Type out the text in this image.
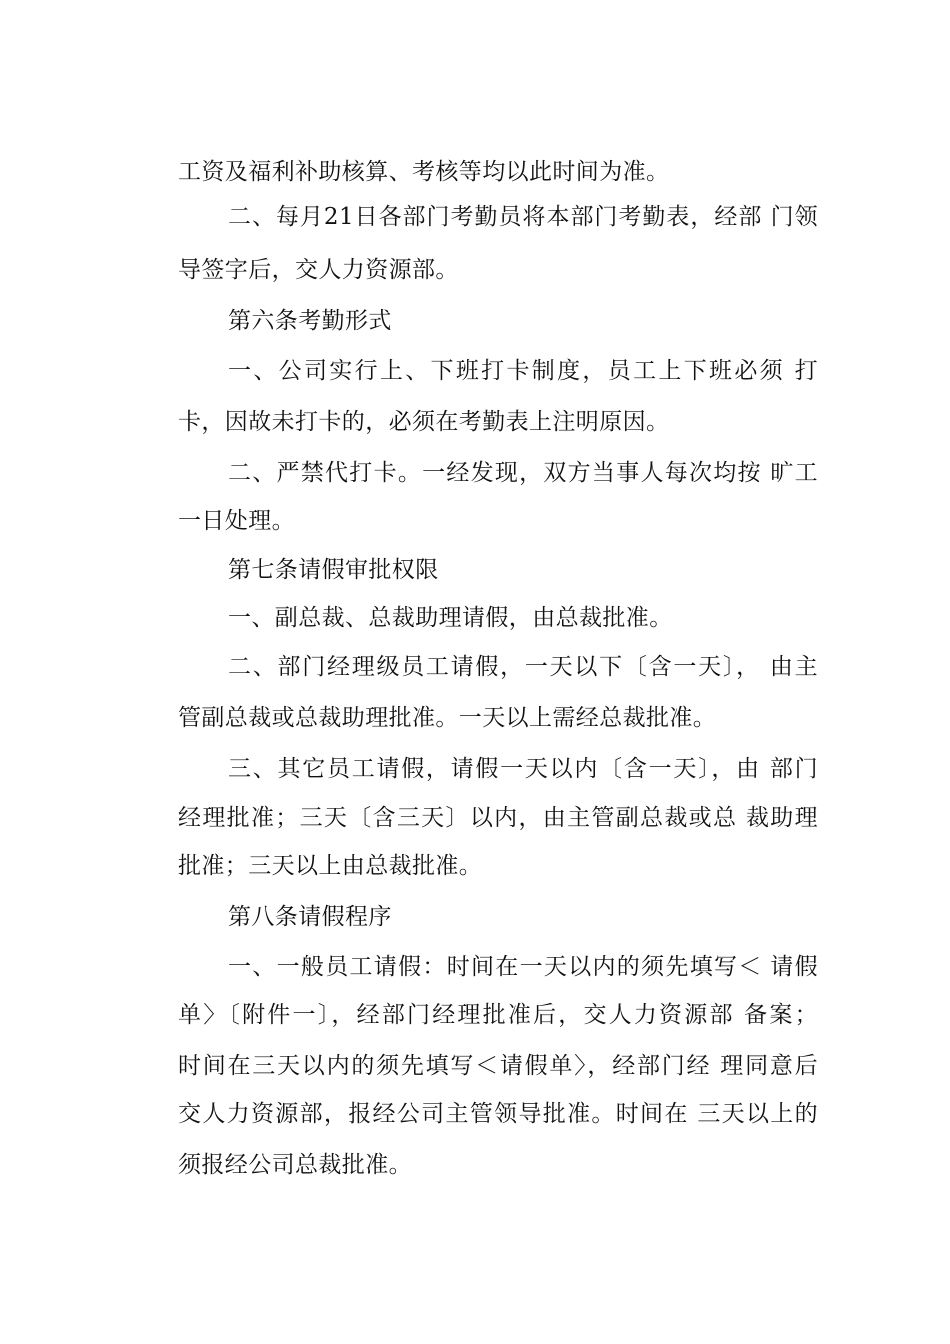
工资及福利补助核算、考核等均以此时间为准。
二、每月21日各部门考勤员将本部门考勤表，经部 门领
导签字后，交人力资源部。
第六条考勤形式
一、公司实行上、下班打卡制度，员工上下班必须 打
卡，因故未打卡的，必须在考勤表上注明原因。
二、严禁代打卡。一经发现，双方当事人每次均按 旷工
一日处理。
第七条请假审批权限
一、副总裁、总裁助理请假，由总裁批准。
二、部门经理级员工请假，一天以下〔含一天〕， 由主
管副总裁或总裁助理批准。一天以上需经总裁批准。
三、其它员工请假，请假一天以内〔含一天〕，由 部门
经理批准；三天〔含三天〕以内，由主管副总裁或总 裁助理
批准；三天以上由总裁批准。
第八条请假程序
一、一般员工请假：时间在一天以内的须先填写＜ 请假
单〉〔附件一〕，经部门经理批准后，交人力资源部 备案；
时间在三天以内的须先填写＜请假单〉，经部门经 理同意后
交人力资源部，报经公司主管领导批准。时间在 三天以上的
须报经公司总裁批准。
